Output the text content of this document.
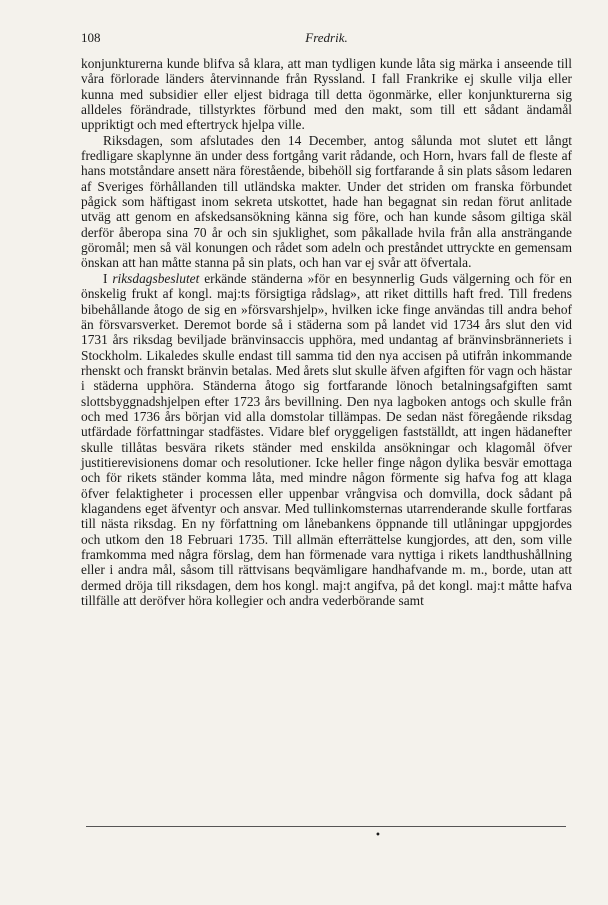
108	Fredrik.

konjunkturerna kunde blifva så klara, att man tydligen kunde låta sig märka i anseende till våra förlorade länders återvinnande från Ryssland. I fall Frankrike ej skulle vilja eller kunna med subsidier eller eljest bidraga till detta ögonmärke, eller konjunkturerna sig alldeles förändrade, tillstyrktes förbund med den makt, som till ett sådant ändamål uppriktigt och med eftertryck hjelpa ville.

Riksdagen, som afslutades den 14 December, antog sålunda mot slutet ett långt fredligare skaplynne än under dess fortgång varit rådande, och Horn, hvars fall de fleste af hans motståndare ansett nära förestående, bibehöll sig fortfarande å sin plats såsom ledaren af Sveriges förhållanden till utländska makter. Under det striden om franska förbundet pågick som häftigast inom sekreta utskottet, hade han begagnat sin redan förut anlitade utväg att genom en afskedsansökning känna sig före, och han kunde såsom giltiga skäl derför åberopa sina 70 år och sin sjuklighet, som påkallade hvila från alla ansträngande göromål; men så väl konungen och rådet som adeln och preståndet uttryckte en gemensam önskan att han måtte stanna på sin plats, och han var ej svår att öfvertala.

I riksdagsbeslutet erkände ständerna »för en besynnerlig Guds välgerning och för en önskelig frukt af kongl. maj:ts försigtiga rådslag», att riket dittills haft fred. Till fredens bibehållande åtogo de sig en »försvarshjelp», hvilken icke finge användas till andra behof än försvarsverket. Deremot borde så i städerna som på landet vid 1734 års slut den vid 1731 års riksdag beviljade bränvinsaccis upphöra, med undantag af bränvinsbränneriets i Stockholm. Likaledes skulle endast till samma tid den nya accisen på utifrån inkommande rhenskt och franskt bränvin betalas. Med årets slut skulle äfven afgiften för vagn och hästar i städerna upphöra. Ständerna åtogo sig fortfarande lönoch betalningsafgiften samt slottsbyggnadshjelpen efter 1723 års bevillning. Den nya lagboken antogs och skulle från och med 1736 års början vid alla domstolar tillämpas. De sedan näst föregående riksdag utfärdade författningar stadfästes. Vidare blef oryggeligen fastställdt, att ingen hädanefter skulle tillåtas besvära rikets ständer med enskilda ansökningar och klagomål öfver justitierevisionens domar och resolutioner. Icke heller finge någon dylika besvär emottaga och för rikets ständer komma låta, med mindre någon förmente sig hafva fog att klaga öfver felaktigheter i processen eller uppenbar vrångvisa och domvilla, dock sådant på klagandens eget äfventyr och ansvar. Med tullinkomsternas utarrenderande skulle fortfaras till nästa riksdag. En ny författning om lånebankens öppnande till utlåningar uppgjordes och utkom den 18 Februari 1735. Till allmän efterrättelse kungjordes, att den, som ville framkomma med några förslag, dem han förmenade vara nyttiga i rikets landthushållning eller i andra mål, såsom till rättvisans beqvämligare handhafvande m. m., borde, utan att dermed dröja till riksdagen, dem hos kongl. maj:t angifva, på det kongl. maj:t måtte hafva tillfälle att deröfver höra kollegier och andra vederbörande samt

•
